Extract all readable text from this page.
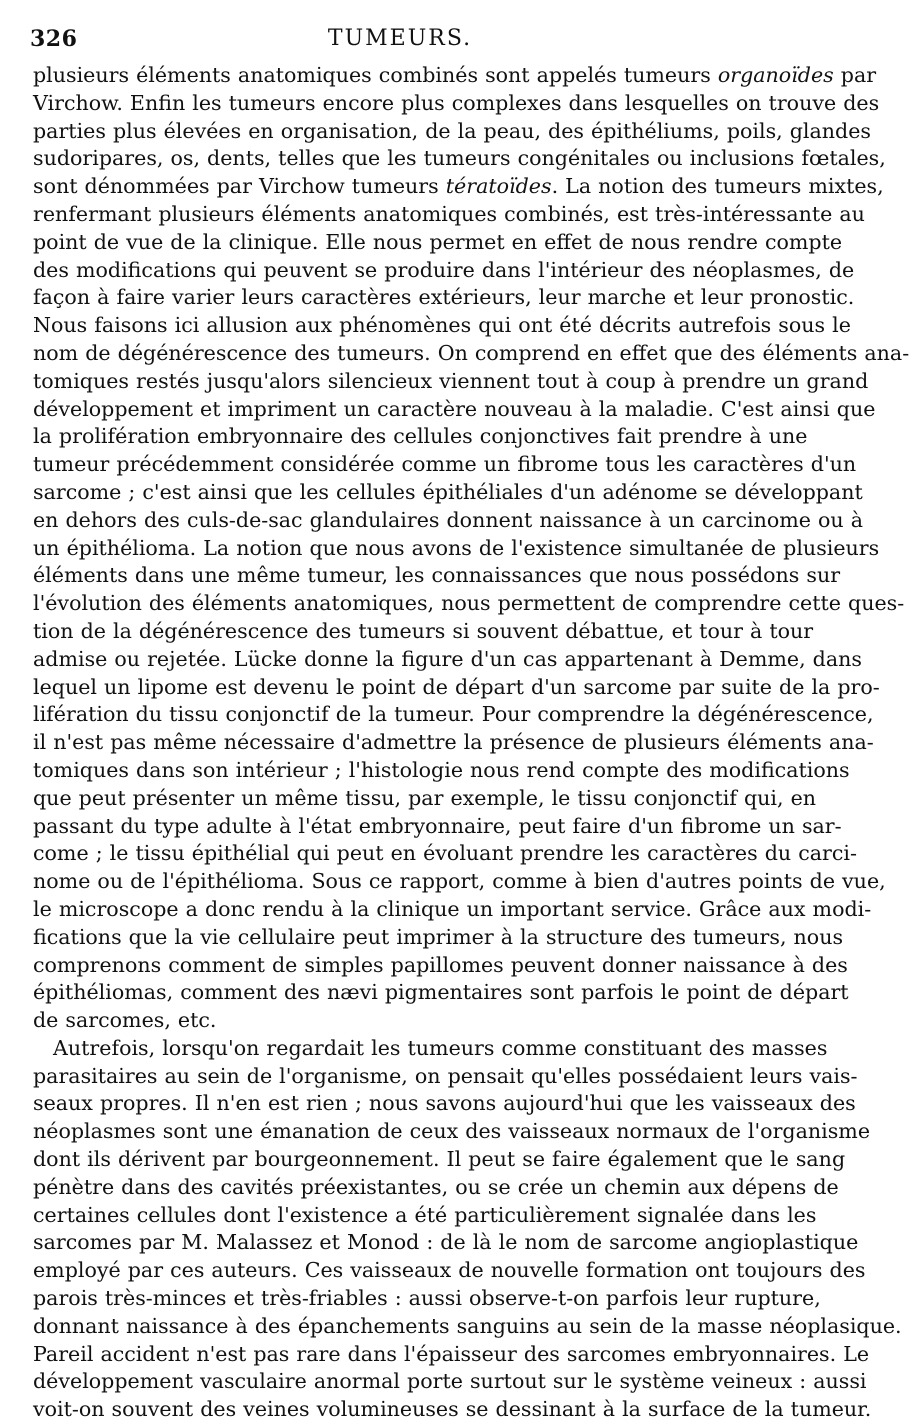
326	TUMEURS.
plusieurs éléments anatomiques combinés sont appelés tumeurs organoïdes par
Virchow. Enfin les tumeurs encore plus complexes dans lesquelles on trouve des
parties plus élevées en organisation, de la peau, des épithéliums, poils, glandes
sudoripares, os, dents, telles que les tumeurs congénitales ou inclusions fœtales,
sont dénommées par Virchow tumeurs tératoïdes. La notion des tumeurs mixtes,
renfermant plusieurs éléments anatomiques combinés, est très-intéressante au
point de vue de la clinique. Elle nous permet en effet de nous rendre compte
des modifications qui peuvent se produire dans l'intérieur des néoplasmes, de
façon à faire varier leurs caractères extérieurs, leur marche et leur pronostic.
Nous faisons ici allusion aux phénomènes qui ont été décrits autrefois sous le
nom de dégénérescence des tumeurs. On comprend en effet que des éléments ana-
tomiques restés jusqu'alors silencieux viennent tout à coup à prendre un grand
développement et impriment un caractère nouveau à la maladie. C'est ainsi que
la prolifération embryonnaire des cellules conjonctives fait prendre à une
tumeur précédemment considérée comme un fibrome tous les caractères d'un
sarcome ; c'est ainsi que les cellules épithéliales d'un adénome se développant
en dehors des culs-de-sac glandulaires donnent naissance à un carcinome ou à
un épithélioma. La notion que nous avons de l'existence simultanée de plusieurs
éléments dans une même tumeur, les connaissances que nous possédons sur
l'évolution des éléments anatomiques, nous permettent de comprendre cette ques-
tion de la dégénérescence des tumeurs si souvent débattue, et tour à tour
admise ou rejetée. Lücke donne la figure d'un cas appartenant à Demme, dans
lequel un lipome est devenu le point de départ d'un sarcome par suite de la pro-
lifération du tissu conjonctif de la tumeur. Pour comprendre la dégénérescence,
il n'est pas même nécessaire d'admettre la présence de plusieurs éléments ana-
tomiques dans son intérieur ; l'histologie nous rend compte des modifications
que peut présenter un même tissu, par exemple, le tissu conjonctif qui, en
passant du type adulte à l'état embryonnaire, peut faire d'un fibrome un sar-
come ; le tissu épithélial qui peut en évoluant prendre les caractères du carci-
nome ou de l'épithélioma. Sous ce rapport, comme à bien d'autres points de vue,
le microscope a donc rendu à la clinique un important service. Grâce aux modi-
fications que la vie cellulaire peut imprimer à la structure des tumeurs, nous
comprenons comment de simples papillomes peuvent donner naissance à des
épithéliomas, comment des nævi pigmentaires sont parfois le point de départ
de sarcomes, etc.
Autrefois, lorsqu'on regardait les tumeurs comme constituant des masses
parasitaires au sein de l'organisme, on pensait qu'elles possédaient leurs vais-
seaux propres. Il n'en est rien ; nous savons aujourd'hui que les vaisseaux des
néoplasmes sont une émanation de ceux des vaisseaux normaux de l'organisme
dont ils dérivent par bourgeonnement. Il peut se faire également que le sang
pénètre dans des cavités préexistantes, ou se crée un chemin aux dépens de
certaines cellules dont l'existence a été particulièrement signalée dans les
sarcomes par M. Malassez et Monod : de là le nom de sarcome angioplastique
employé par ces auteurs. Ces vaisseaux de nouvelle formation ont toujours des
parois très-minces et très-friables : aussi observe-t-on parfois leur rupture,
donnant naissance à des épanchements sanguins au sein de la masse néoplasique.
Pareil accident n'est pas rare dans l'épaisseur des sarcomes embryonnaires. Le
développement vasculaire anormal porte surtout sur le système veineux : aussi
voit-on souvent des veines volumineuses se dessinant à la surface de la tumeur.
